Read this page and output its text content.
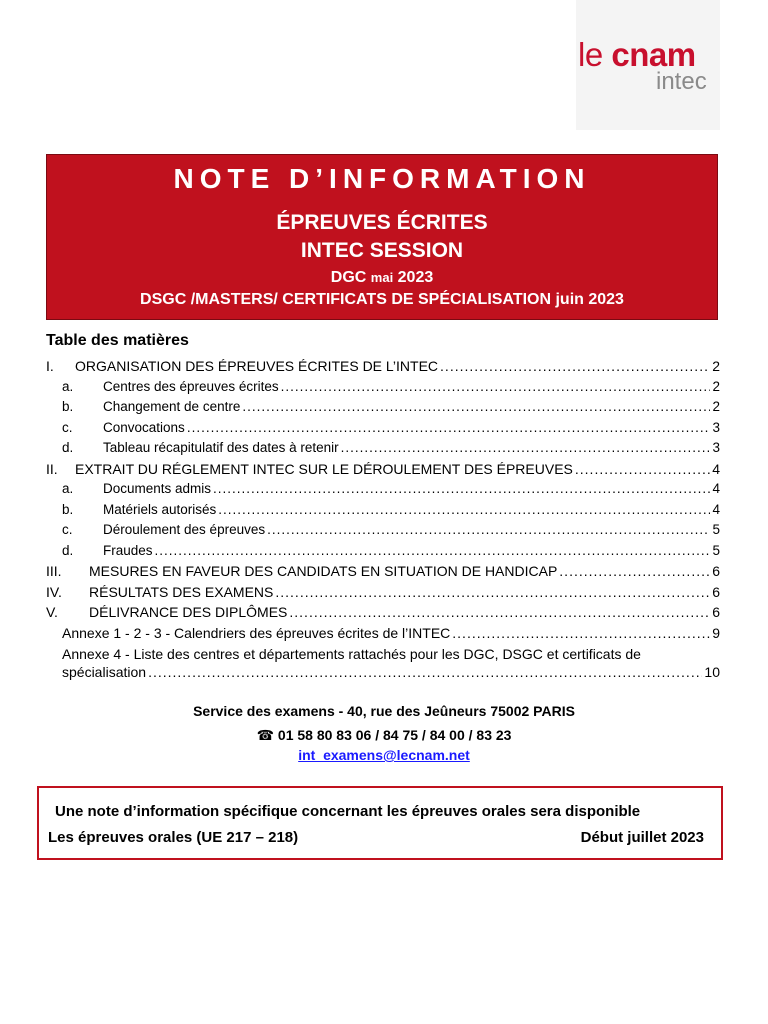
le cnam
intec
NOTE D’INFORMATION
ÉPREUVES ÉCRITES
INTEC SESSION
DGC mai 2023
DSGC /MASTERS/ CERTIFICATS DE SPÉCIALISATION juin 2023
Table des matières
I.	ORGANISATION DES ÉPREUVES ÉCRITES DE L’INTEC .....	2
a.	Centres des épreuves écrites .....	2
b.	Changement de centre .....	2
c.	Convocations .....	3
d.	Tableau récapitulatif des dates à retenir .....	3
II.	EXTRAIT DU RÉGLEMENT INTEC SUR LE DÉROULEMENT DES ÉPREUVES .....	4
a.	Documents admis .....	4
b.	Matériels autorisés .....	4
c.	Déroulement des épreuves .....	5
d.	Fraudes .....	5
III.	MESURES EN FAVEUR DES CANDIDATS EN SITUATION DE HANDICAP .....	6
IV.	RÉSULTATS DES EXAMENS .....	6
V.	DÉLIVRANCE DES DIPLÔMES .....	6
Annexe 1 - 2 - 3 - Calendriers des épreuves écrites de l’INTEC .....	9
Annexe 4 - Liste des centres et départements rattachés pour les DGC, DSGC et certificats de
spécialisation .....	10
Service des examens - 40, rue des Jeûneurs 75002 PARIS
☎ 01 58 80 83 06 / 84 75 / 84 00 / 83 23
int_examens@lecnam.net
Une note d’information spécifique concernant les épreuves orales sera disponible
Les épreuves orales (UE 217 – 218)	Début juillet 2023
